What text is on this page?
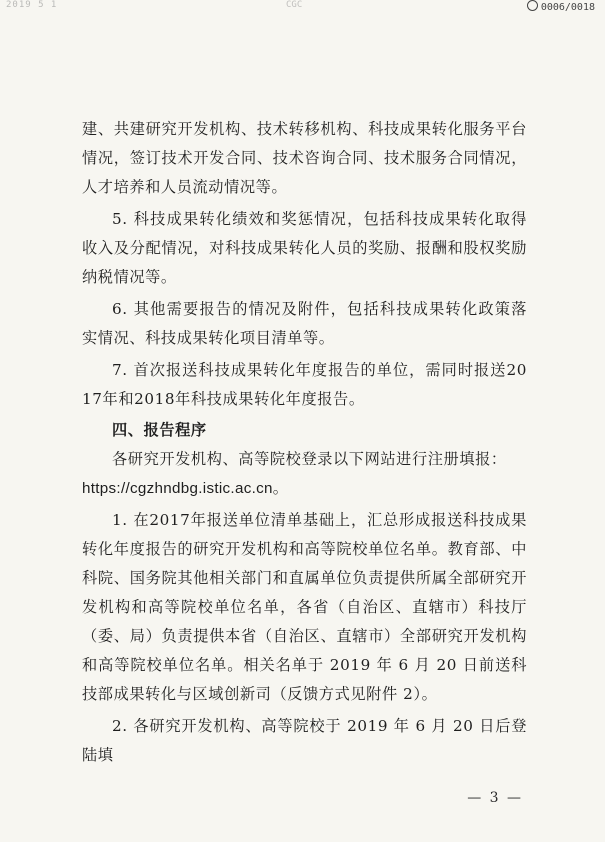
2019 5 1	CGC	0006/0018

建、共建研究开发机构、技术转移机构、科技成果转化服务平台情况，签订技术开发合同、技术咨询合同、技术服务合同情况，人才培养和人员流动情况等。

5. 科技成果转化绩效和奖惩情况，包括科技成果转化取得收入及分配情况，对科技成果转化人员的奖励、报酬和股权奖励纳税情况等。

6. 其他需要报告的情况及附件，包括科技成果转化政策落实情况、科技成果转化项目清单等。

7. 首次报送科技成果转化年度报告的单位，需同时报送2017年和2018年科技成果转化年度报告。

四、报告程序

各研究开发机构、高等院校登录以下网站进行注册填报：

https://cgzhndbg.istic.ac.cn。

1. 在2017年报送单位清单基础上，汇总形成报送科技成果转化年度报告的研究开发机构和高等院校单位名单。教育部、中科院、国务院其他相关部门和直属单位负责提供所属全部研究开发机构和高等院校单位名单，各省（自治区、直辖市）科技厅（委、局）负责提供本省（自治区、直辖市）全部研究开发机构和高等院校单位名单。相关名单于 2019 年 6 月 20 日前送科技部成果转化与区域创新司（反馈方式见附件 2）。

2. 各研究开发机构、高等院校于 2019 年 6 月 20 日后登陆填

— 3 —
